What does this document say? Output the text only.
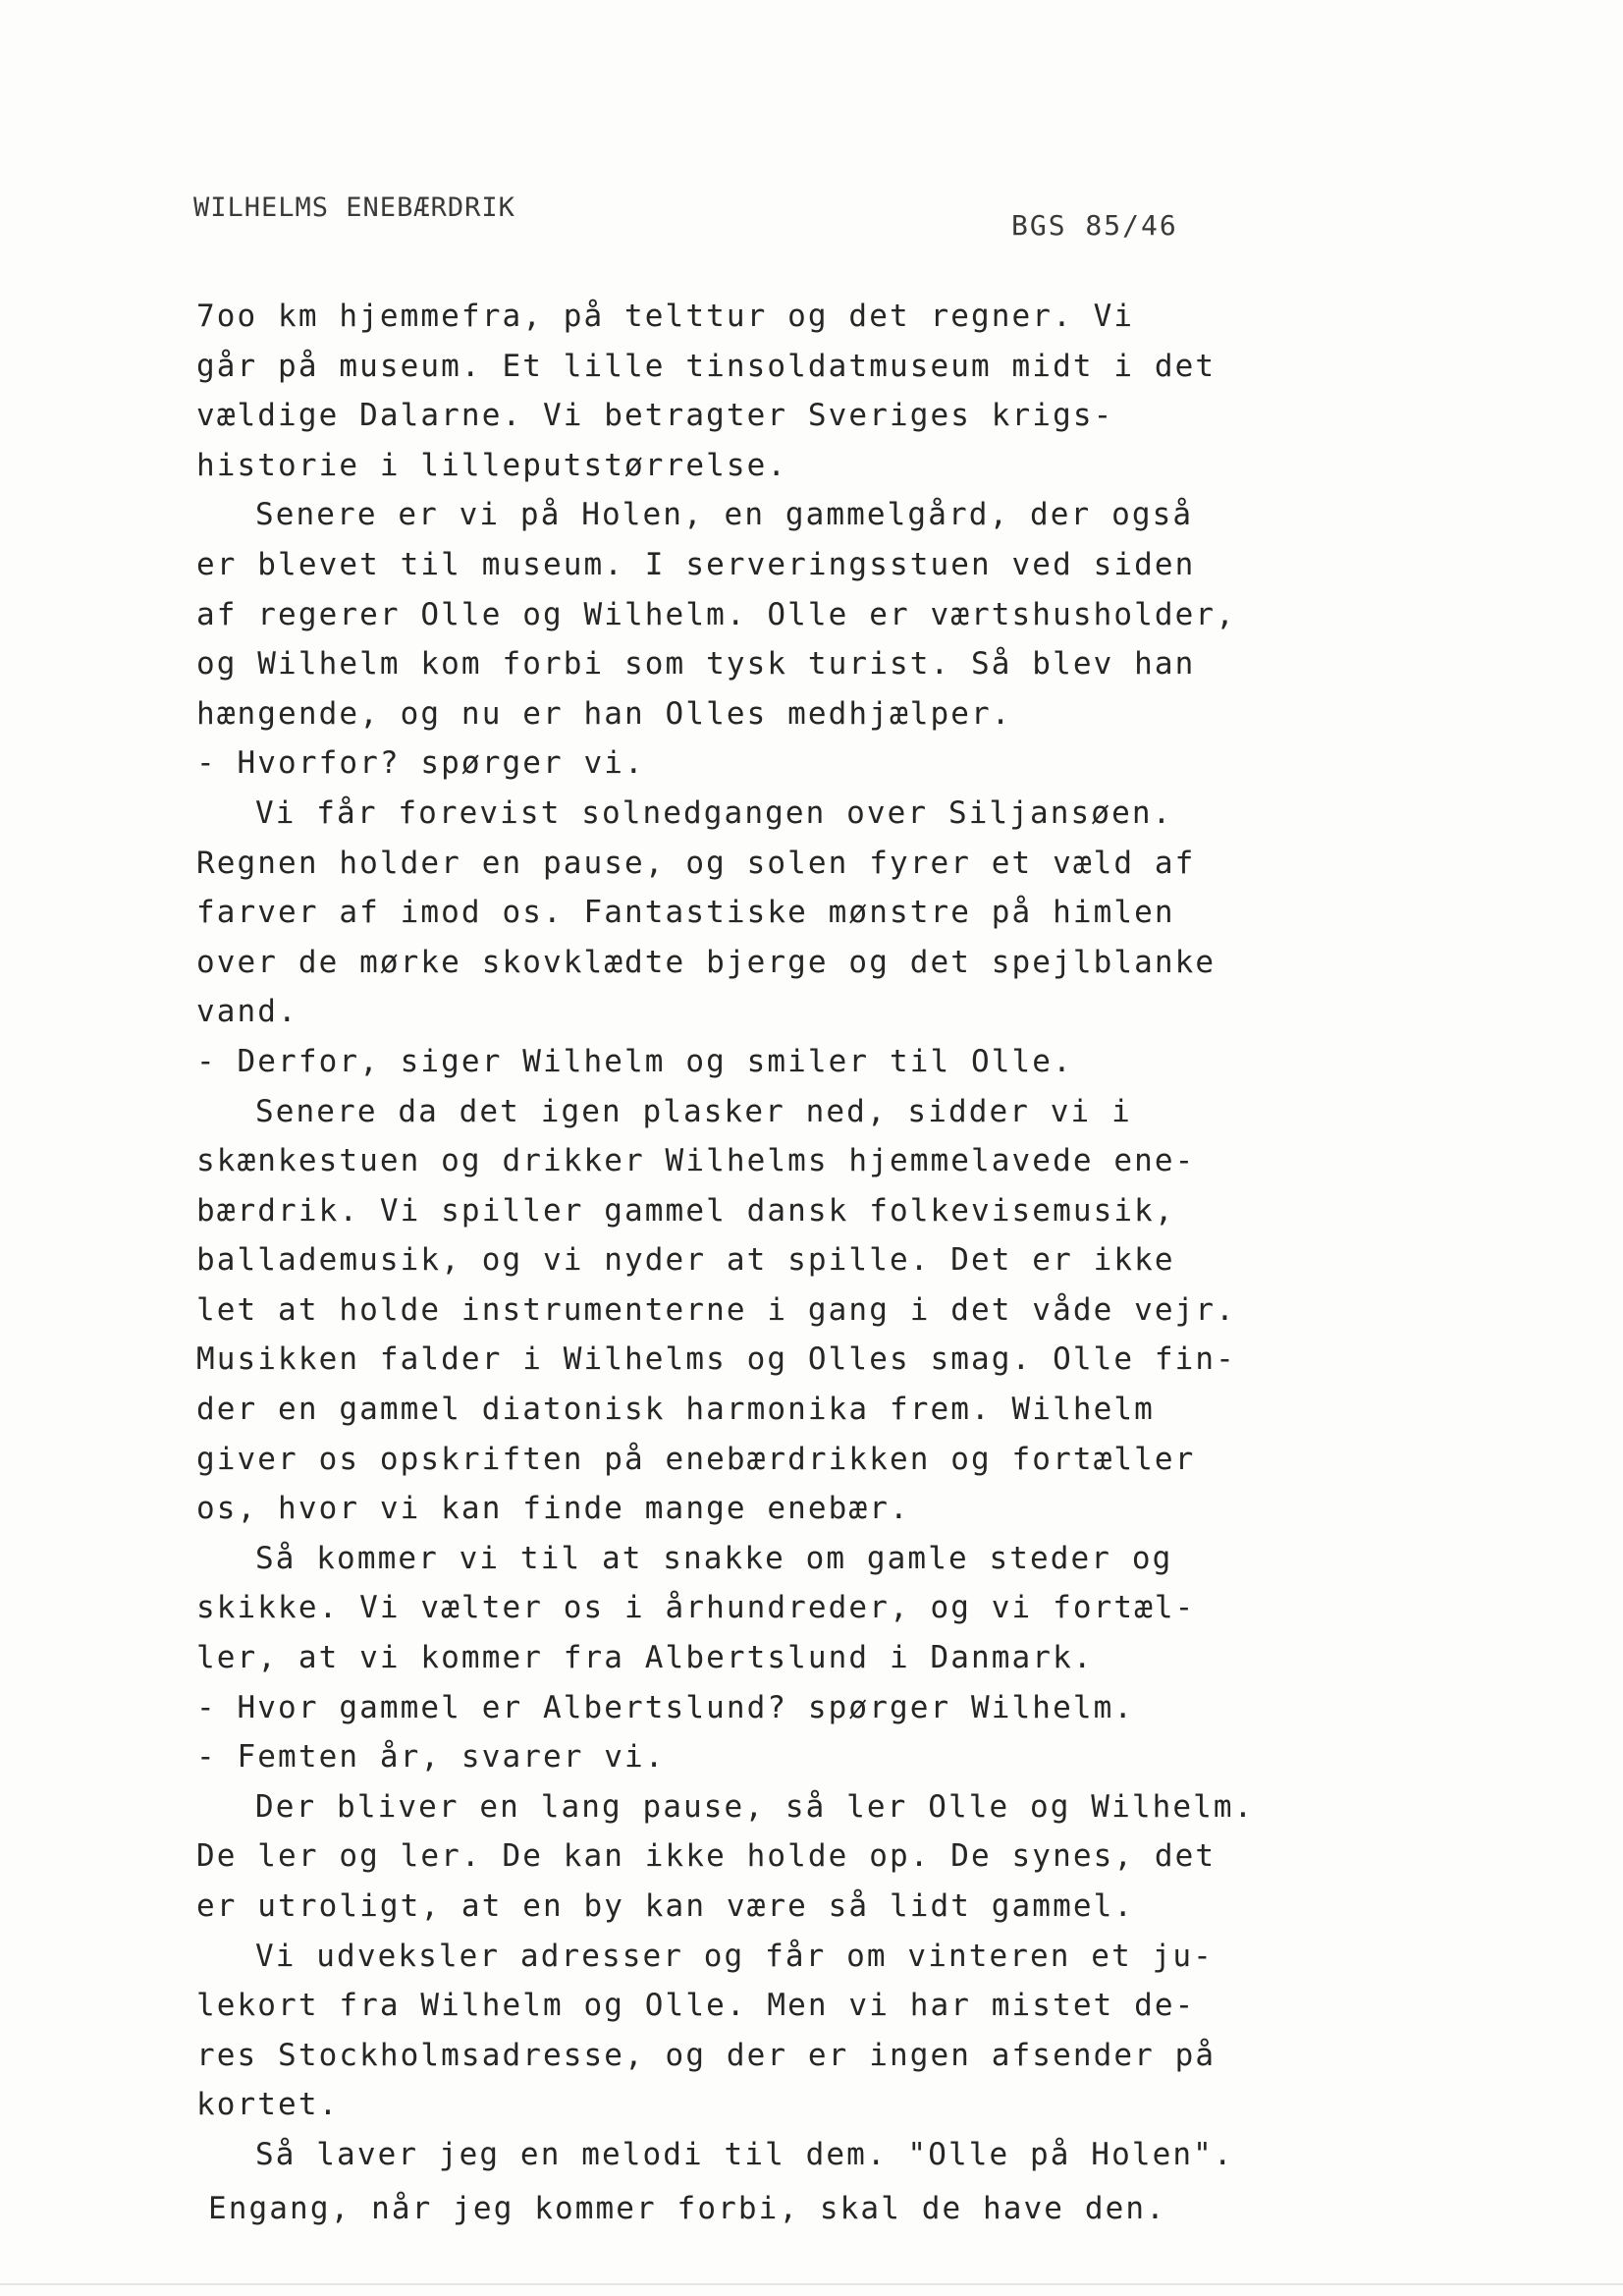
WILHELMS ENEBÆRDRIK
BGS 85/46
7oo km hjemmefra, på telttur og det regner. Vi
går på museum. Et lille tinsoldatmuseum midt i det
vældige Dalarne. Vi betragter Sveriges krigs-
historie i lilleputstørrelse.
Senere er vi på Holen, en gammelgård, der også
er blevet til museum. I serveringsstuen ved siden
af regerer Olle og Wilhelm. Olle er værtshusholder,
og Wilhelm kom forbi som tysk turist. Så blev han
hængende, og nu er han Olles medhjælper.
- Hvorfor? spørger vi.
Vi får forevist solnedgangen over Siljansøen.
Regnen holder en pause, og solen fyrer et væld af
farver af imod os. Fantastiske mønstre på himlen
over de mørke skovklædte bjerge og det spejlblanke
vand.
- Derfor, siger Wilhelm og smiler til Olle.
Senere da det igen plasker ned, sidder vi i
skænkestuen og drikker Wilhelms hjemmelavede ene-
bærdrik. Vi spiller gammel dansk folkevisemusik,
ballademusik, og vi nyder at spille. Det er ikke
let at holde instrumenterne i gang i det våde vejr.
Musikken falder i Wilhelms og Olles smag. Olle fin-
der en gammel diatonisk harmonika frem. Wilhelm
giver os opskriften på enebærdrikken og fortæller
os, hvor vi kan finde mange enebær.
Så kommer vi til at snakke om gamle steder og
skikke. Vi vælter os i århundreder, og vi fortæl-
ler, at vi kommer fra Albertslund i Danmark.
- Hvor gammel er Albertslund? spørger Wilhelm.
- Femten år, svarer vi.
Der bliver en lang pause, så ler Olle og Wilhelm.
De ler og ler. De kan ikke holde op. De synes, det
er utroligt, at en by kan være så lidt gammel.
Vi udveksler adresser og får om vinteren et ju-
lekort fra Wilhelm og Olle. Men vi har mistet de-
res Stockholmsadresse, og der er ingen afsender på
kortet.
Så laver jeg en melodi til dem. "Olle på Holen".
Engang, når jeg kommer forbi, skal de have den.
